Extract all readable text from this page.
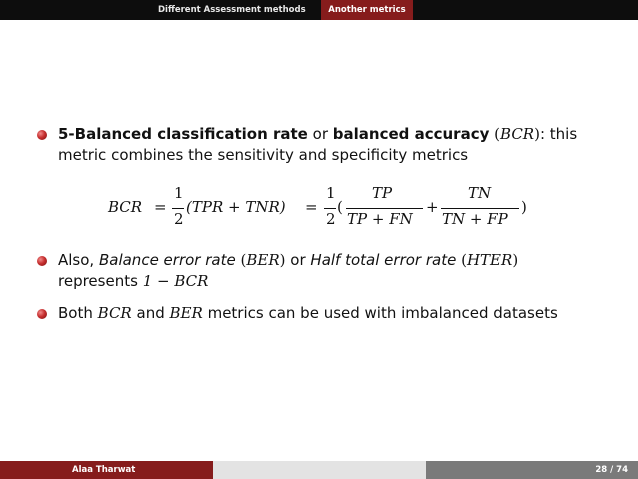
Different Assessment methods	Another metrics
5-Balanced classification rate or balanced accuracy (BCR): this
metric combines the sensitivity and specificity metrics
BCR =
1
2
(TPR + TNR) =
1
2
(
TP
TP + FN
+
TN
TN + FP
)
Also, Balance error rate (BER) or Half total error rate (HTER)
represents 1 − BCR
Both BCR and BER metrics can be used with imbalanced datasets
Alaa Tharwat	28 / 74
